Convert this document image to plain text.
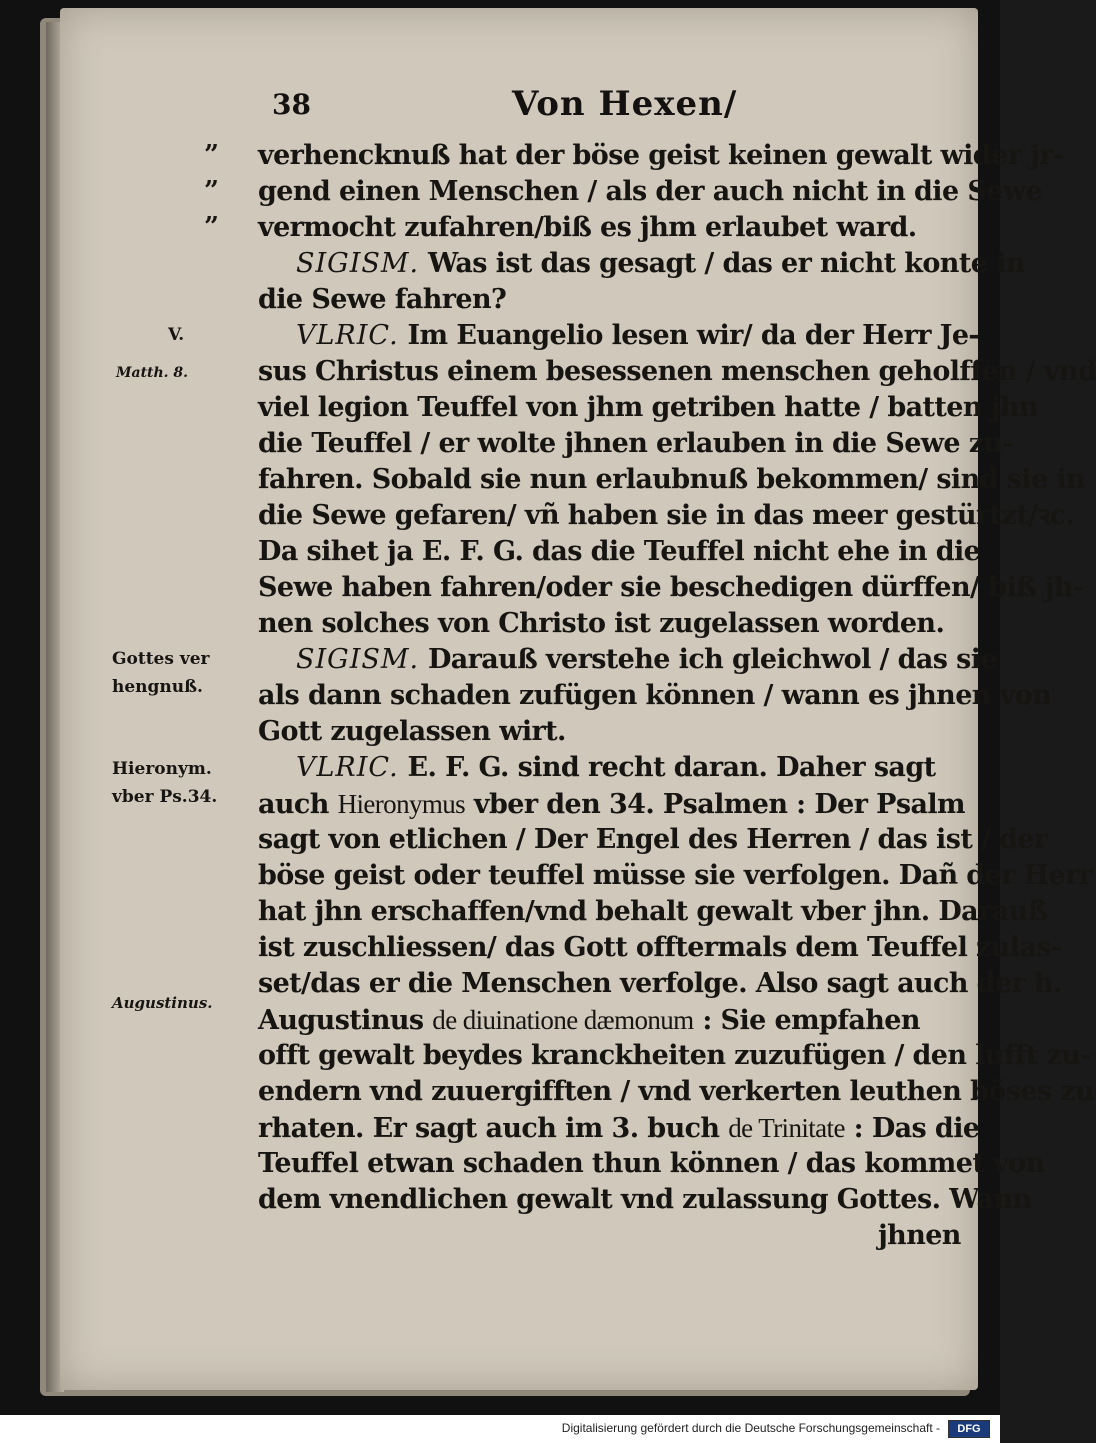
38	Von Hexen/
”
”
”
V.
Matth. 8.
Gottes ver
hengnuß.
Hieronym.
vber Ps.34.
Augustinus.
verhencknuß hat der böse geist keinen gewalt wider jr-
gend einen Menschen / als der auch nicht in die Sewe
vermocht zufahren/biß es jhm erlaubet ward.
SIGISM. Was ist das gesagt / das er nicht konte in
die Sewe fahren?
VLRIC. Im Euangelio lesen wir/ da der Herr Je-
sus Christus einem besessenen menschen geholffen / vnd
viel legion Teuffel von jhm getriben hatte / batten jhn
die Teuffel / er wolte jhnen erlauben in die Sewe zu-
fahren. Sobald sie nun erlaubnuß bekommen/ sind sie in
die Sewe gefaren/ vñ haben sie in das meer gestürtzt/ꝛc.
Da sihet ja E. F. G. das die Teuffel nicht ehe in die
Sewe haben fahren/oder sie beschedigen dürffen/ biß jh-
nen solches von Christo ist zugelassen worden.
SIGISM. Darauß verstehe ich gleichwol / das sie
als dann schaden zufügen können / wann es jhnen von
Gott zugelassen wirt.
VLRIC. E. F. G. sind recht daran. Daher sagt
auch Hieronymus vber den 34. Psalmen : Der Psalm
sagt von etlichen / Der Engel des Herren / das ist / der
böse geist oder teuffel müsse sie verfolgen. Dañ der Herr
hat jhn erschaffen/vnd behalt gewalt vber jhn. Darauß
ist zuschliessen/ das Gott offtermals dem Teuffel zulas-
set/das er die Menschen verfolge. Also sagt auch der h.
Augustinus de diuinatione dæmonum : Sie empfahen
offt gewalt beydes kranckheiten zuzufügen / den lufft zu-
endern vnd zuuergifften / vnd verkerten leuthen böses zu
rhaten. Er sagt auch im 3. buch de Trinitate : Das die
Teuffel etwan schaden thun können / das kommet von
dem vnendlichen gewalt vnd zulassung Gottes. Wann
jhnen
Digitalisierung gefördert durch die Deutsche Forschungsgemeinschaft -	DFG
